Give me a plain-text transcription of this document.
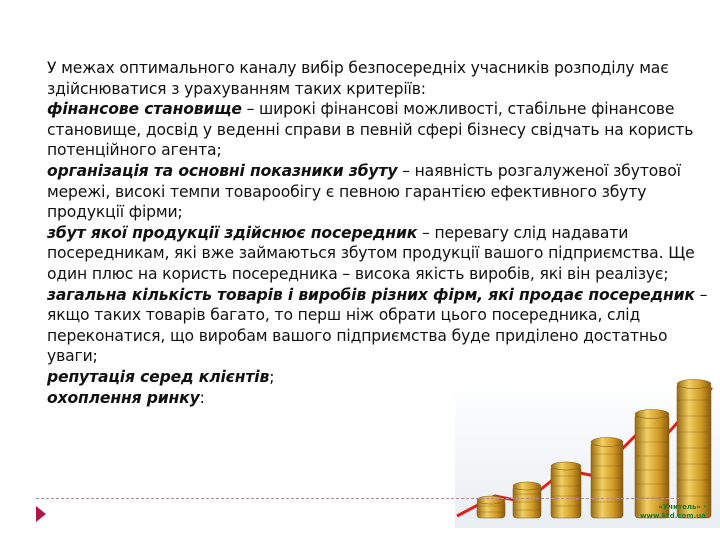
У межах оптимального каналу вибір безпосередніх учасників розподілу має здійснюватися з урахуванням таких критеріїв:
фінансове становище – широкі фінансові можливості, стабільне фінансове становище, досвід у веденні справи в певній сфері бізнесу свідчать на користь потенційного агента;
організація та основні показники збуту – наявність розгалуженої збутової мережі, високі темпи товарообігу є певною гарантією ефективного збуту продукції фірми;
збут якої продукції здійснює посередник – перевагу слід надавати посередникам, які вже займаються збутом продукції вашого підприємства. Ще один плюс на користь посередника – висока якість виробів, які він реалізує;
загальна кількість товарів і виробів різних фірм, які продає посередник – якщо таких товарів багато, то перш ніж обрати цього посередника, слід переконатися, що виробам вашого підприємства буде приділено достатньо уваги;
репутація серед клієнтів;
охоплення ринку:

«Учитель» · www.ktd.com.ua
